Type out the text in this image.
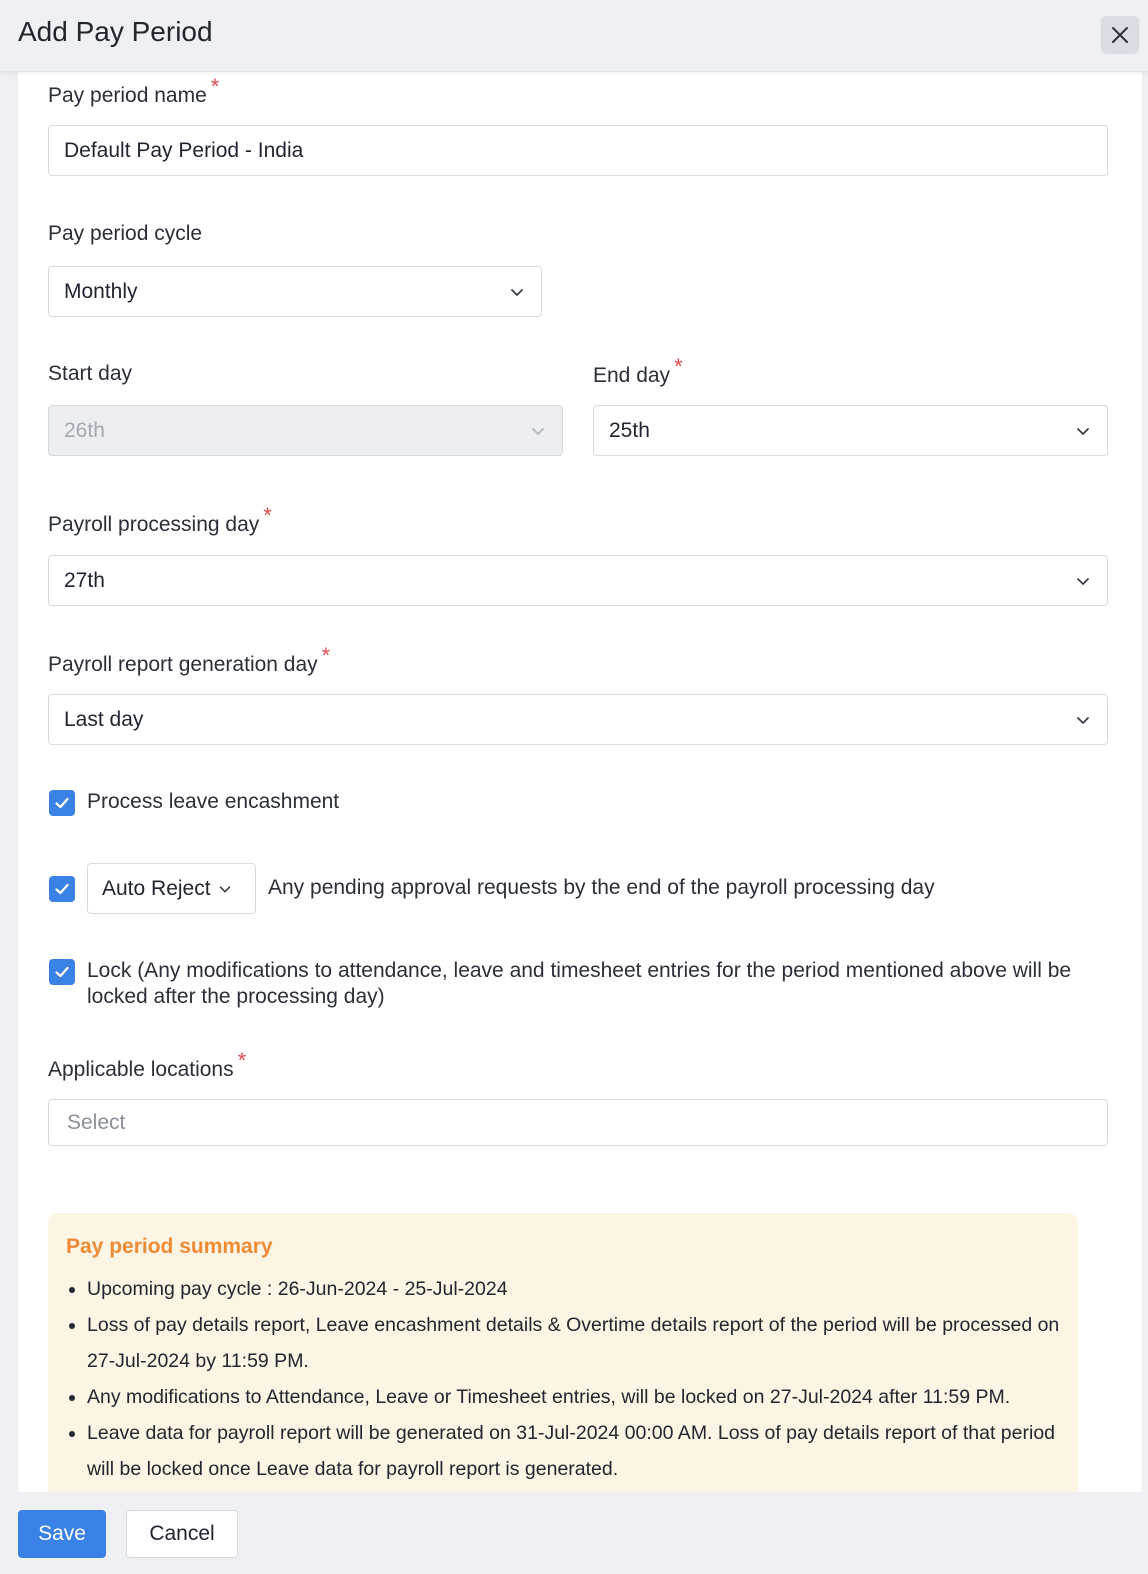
Add Pay Period
Pay period name *
Default Pay Period - India
Pay period cycle
Monthly
Start day
26th
End day *
25th
Payroll processing day *
27th
Payroll report generation day *
Last day
Process leave encashment
Auto Reject	Any pending approval requests by the end of the payroll processing day
Lock (Any modifications to attendance, leave and timesheet entries for the period mentioned above will be locked after the processing day)
Applicable locations *
Select
Pay period summary
• Upcoming pay cycle : 26-Jun-2024 - 25-Jul-2024
• Loss of pay details report, Leave encashment details & Overtime details report of the period will be processed on 27-Jul-2024 by 11:59 PM.
• Any modifications to Attendance, Leave or Timesheet entries, will be locked on 27-Jul-2024 after 11:59 PM.
• Leave data for payroll report will be generated on 31-Jul-2024 00:00 AM. Loss of pay details report of that period will be locked once Leave data for payroll report is generated.
Save	Cancel
